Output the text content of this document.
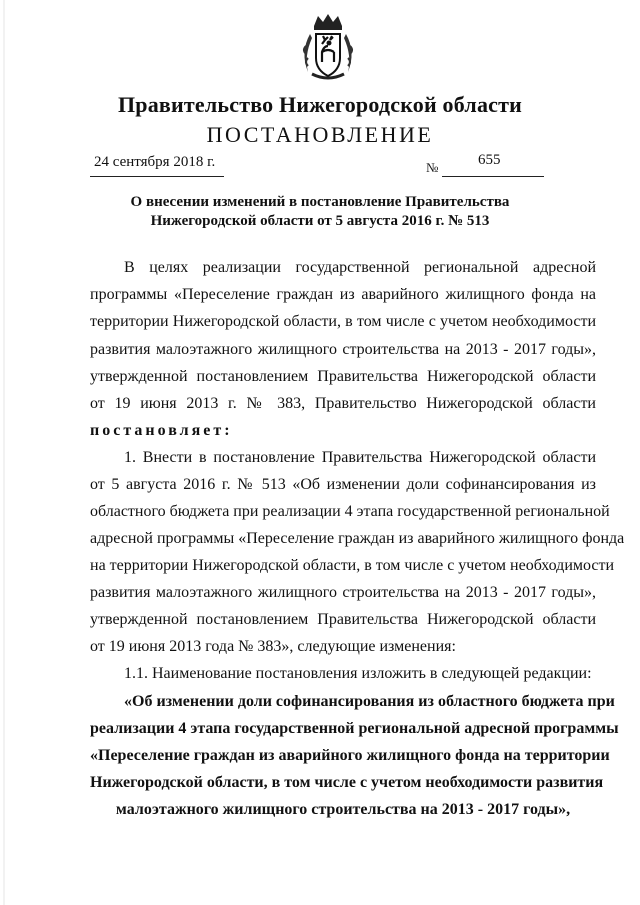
Правительство Нижегородской области
ПОСТАНОВЛЕНИЕ
24 сентября 2018 г.	№	655
О внесении изменений в постановление Правительства
Нижегородской области от 5 августа 2016 г. № 513
В целях реализации государственной региональной адресной
программы «Переселение граждан из аварийного жилищного фонда на
территории Нижегородской области, в том числе с учетом необходимости
развития малоэтажного жилищного строительства на 2013 - 2017 годы»,
утвержденной постановлением Правительства Нижегородской области
от 19 июня 2013 г. № 383, Правительство Нижегородской области
постановляет:
1. Внести в постановление Правительства Нижегородской области
от 5 августа 2016 г. № 513 «Об изменении доли софинансирования из
областного бюджета при реализации 4 этапа государственной региональной
адресной программы «Переселение граждан из аварийного жилищного фонда
на территории Нижегородской области, в том числе с учетом необходимости
развития малоэтажного жилищного строительства на 2013 - 2017 годы»,
утвержденной постановлением Правительства Нижегородской области
от 19 июня 2013 года № 383», следующие изменения:
1.1. Наименование постановления изложить в следующей редакции:
«Об изменении доли софинансирования из областного бюджета при
реализации 4 этапа государственной региональной адресной программы
«Переселение граждан из аварийного жилищного фонда на территории
Нижегородской области, в том числе с учетом необходимости развития
малоэтажного жилищного строительства на 2013 - 2017 годы»,
